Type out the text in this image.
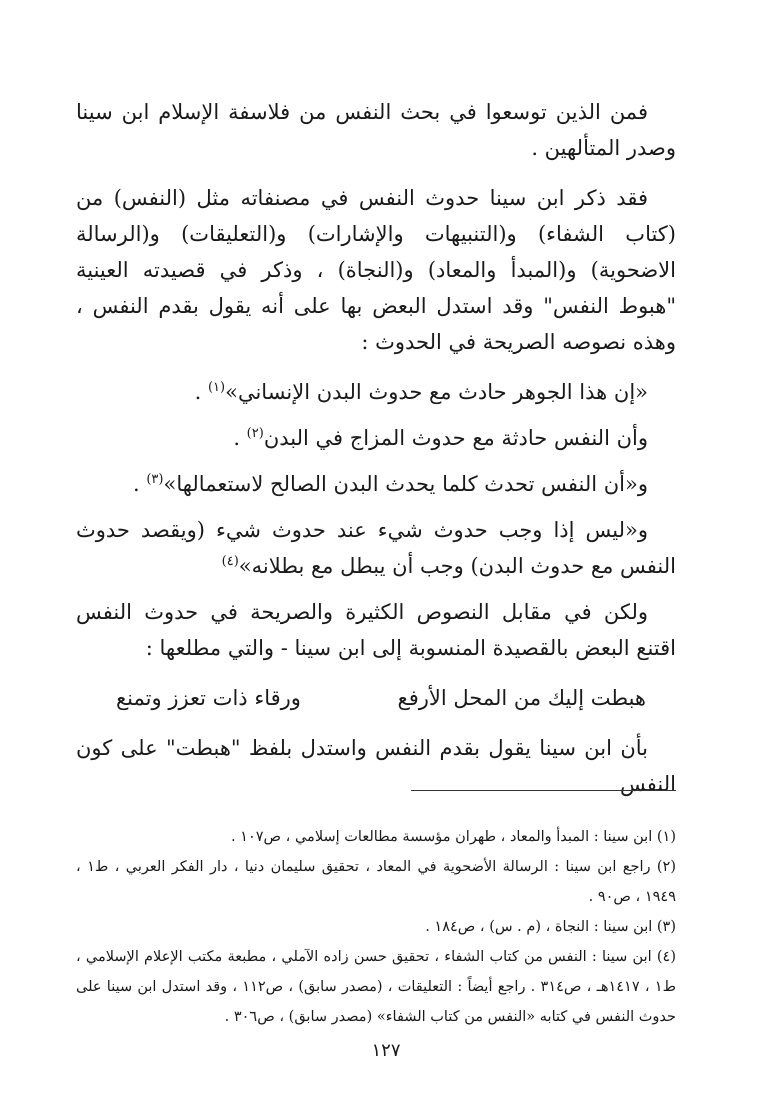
فمن الذين توسعوا في بحث النفس من فلاسفة الإسلام ابن سينا وصدر المتألهين .

فقد ذكر ابن سينا حدوث النفس في مصنفاته مثل (النفس) من (كتاب الشفاء) و(التنبيهات والإشارات) و(التعليقات) و(الرسالة الاضحوية) و(المبدأ والمعاد) و(النجاة) ، وذكر في قصيدته العينية "هبوط النفس" وقد استدل البعض بها على أنه يقول بقدم النفس ، وهذه نصوصه الصريحة في الحدوث :

«إن هذا الجوهر حادث مع حدوث البدن الإنساني»$^{(١)}$ .

وأن النفس حادثة مع حدوث المزاج في البدن$^{(٢)}$ .

و«أن النفس تحدث كلما يحدث البدن الصالح لاستعمالها»$^{(٣)}$ .

و«ليس إذا وجب حدوث شيء عند حدوث شيء (ويقصد حدوث النفس مع حدوث البدن) وجب أن يبطل مع بطلانه»$^{(٤)}$

ولكن في مقابل النصوص الكثيرة والصريحة في حدوث النفس اقتنع البعض بالقصيدة المنسوبة إلى ابن سينا - والتي مطلعها :

هبطت إليك من المحل الأرفع
ورقاء ذات تعزز وتمنع

بأن ابن سينا يقول بقدم النفس واستدل بلفظ "هبطت" على كون النفس

(١) ابن سينا : المبدأ والمعاد ، طهران مؤسسة مطالعات إسلامي ، ص١٠٧ .

(٢) راجع ابن سينا : الرسالة الأضحوية في المعاد ، تحقيق سليمان دنيا ، دار الفكر العربي ، ط١ ، ١٩٤٩ ، ص٩٠ .

(٣) ابن سينا : النجاة ، (م . س) ، ص١٨٤ .

(٤) ابن سينا : النفس من كتاب الشفاء ، تحقيق حسن زاده الآملي ، مطبعة مكتب الإعلام الإسلامي ، ط١ ، ١٤١٧هـ ، ص٣١٤ . راجع أيضاً : التعليقات ، (مصدر سابق) ، ص١١٢ ، وقد استدل ابن سينا على حدوث النفس في كتابه «النفس من كتاب الشفاء» (مصدر سابق) ، ص٣٠٦ .

١٢٧
